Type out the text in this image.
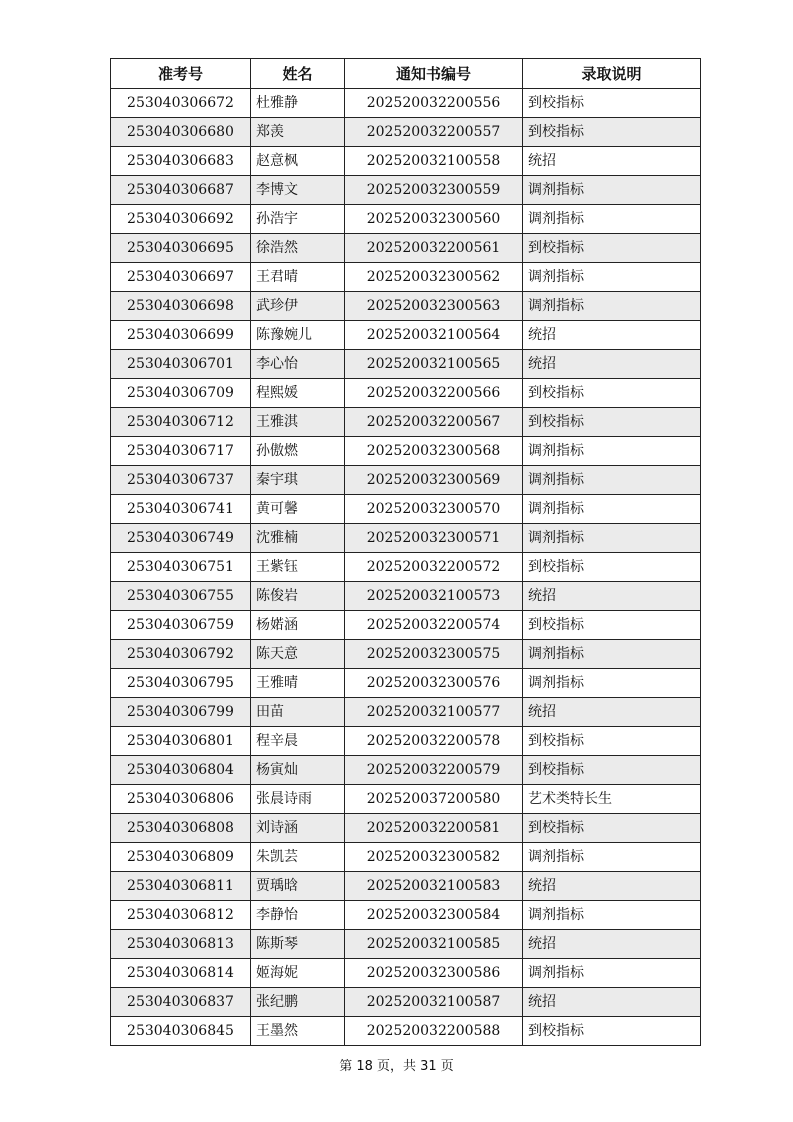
准考号	姓名	通知书编号	录取说明
253040306672	杜雅静	202520032200556	到校指标
253040306680	郑羡	202520032200557	到校指标
253040306683	赵意枫	202520032100558	统招
253040306687	李博文	202520032300559	调剂指标
253040306692	孙浩宇	202520032300560	调剂指标
253040306695	徐浩然	202520032200561	到校指标
253040306697	王君晴	202520032300562	调剂指标
253040306698	武珍伊	202520032300563	调剂指标
253040306699	陈豫婉儿	202520032100564	统招
253040306701	李心怡	202520032100565	统招
253040306709	程熙媛	202520032200566	到校指标
253040306712	王雅淇	202520032200567	到校指标
253040306717	孙傲燃	202520032300568	调剂指标
253040306737	秦宇琪	202520032300569	调剂指标
253040306741	黄可馨	202520032300570	调剂指标
253040306749	沈雅楠	202520032300571	调剂指标
253040306751	王紫钰	202520032200572	到校指标
253040306755	陈俊岩	202520032100573	统招
253040306759	杨婼涵	202520032200574	到校指标
253040306792	陈天意	202520032300575	调剂指标
253040306795	王雅晴	202520032300576	调剂指标
253040306799	田苗	202520032100577	统招
253040306801	程辛晨	202520032200578	到校指标
253040306804	杨寅灿	202520032200579	到校指标
253040306806	张晨诗雨	202520037200580	艺术类特长生
253040306808	刘诗涵	202520032200581	到校指标
253040306809	朱凯芸	202520032300582	调剂指标
253040306811	贾瑀晗	202520032100583	统招
253040306812	李静怡	202520032300584	调剂指标
253040306813	陈斯琴	202520032100585	统招
253040306814	姬海妮	202520032300586	调剂指标
253040306837	张纪鹏	202520032100587	统招
253040306845	王墨然	202520032200588	到校指标
第 18 页，共 31 页
